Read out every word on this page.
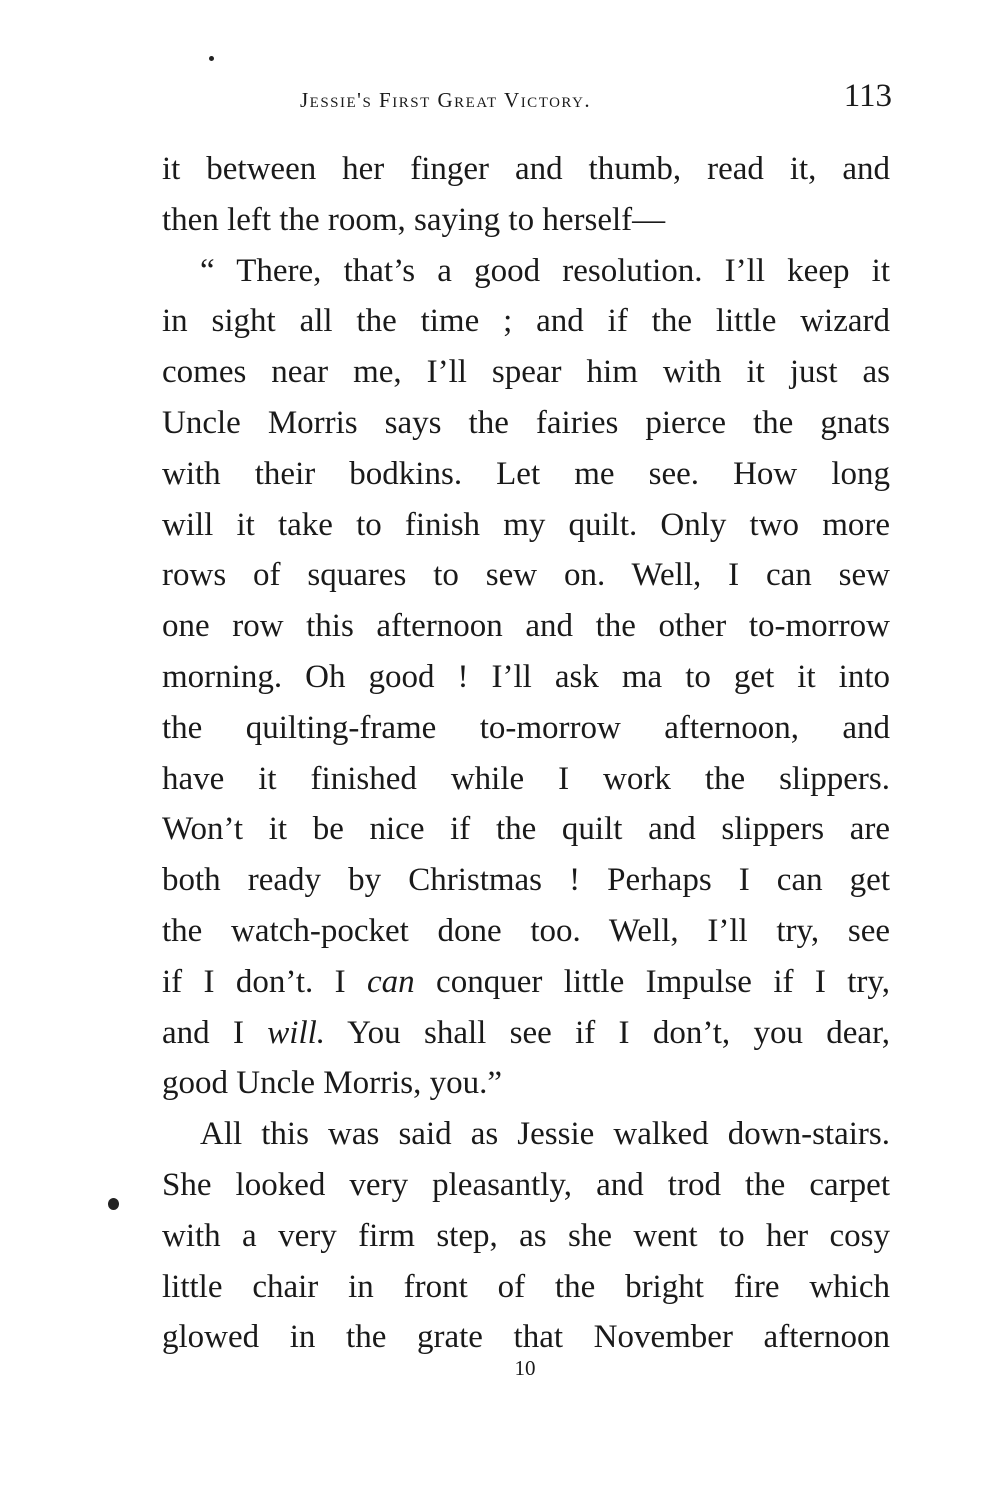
Jessie's First Great Victory.	113
it between her finger and thumb, read it, and
then left the room, saying to herself—
“ There, that’s a good resolution. I’ll keep it
in sight all the time ; and if the little wizard
comes near me, I’ll spear him with it just as
Uncle Morris says the fairies pierce the gnats
with their bodkins. Let me see. How long
will it take to finish my quilt. Only two more
rows of squares to sew on. Well, I can sew
one row this afternoon and the other to-morrow
morning. Oh good ! I’ll ask ma to get it into
the quilting-frame to-morrow afternoon, and
have it finished while I work the slippers.
Won’t it be nice if the quilt and slippers are
both ready by Christmas ! Perhaps I can get
the watch-pocket done too. Well, I’ll try, see
if I don’t. I can conquer little Impulse if I try,
and I will. You shall see if I don’t, you dear,
good Uncle Morris, you.”
All this was said as Jessie walked down-stairs.
She looked very pleasantly, and trod the carpet
with a very firm step, as she went to her cosy
little chair in front of the bright fire which
glowed in the grate that November afternoon
10
